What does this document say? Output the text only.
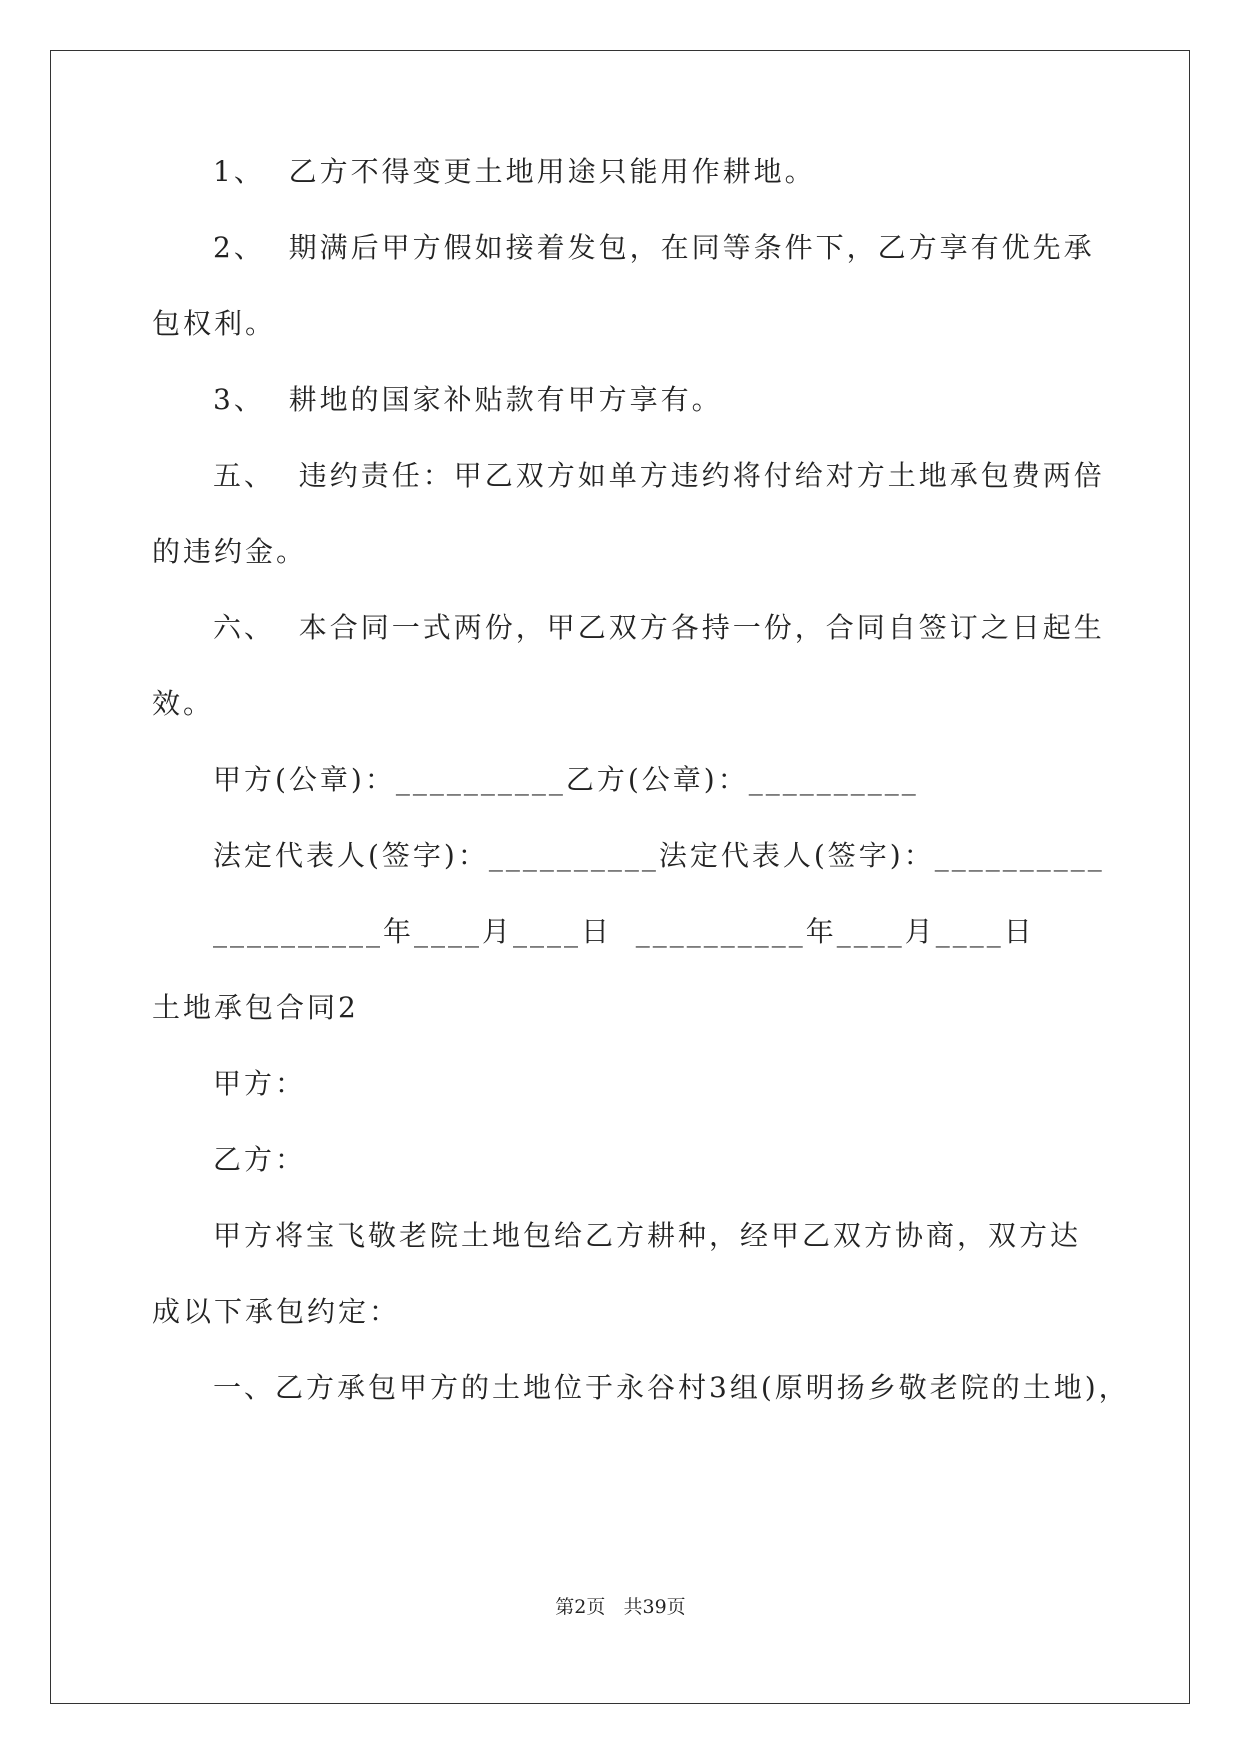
1、  乙方不得变更土地用途只能用作耕地。
2、  期满后甲方假如接着发包，在同等条件下，乙方享有优先承
包权利。
3、  耕地的国家补贴款有甲方享有。
五、  违约责任：甲乙双方如单方违约将付给对方土地承包费两倍
的违约金。
六、  本合同一式两份，甲乙双方各持一份，合同自签订之日起生
效。
甲方(公章)：__________乙方(公章)：__________
法定代表人(签字)：__________法定代表人(签字)：__________
__________年____月____日  __________年____月____日
土地承包合同2
甲方：
乙方：
甲方将宝飞敬老院土地包给乙方耕种，经甲乙双方协商，双方达
成以下承包约定：
一、乙方承包甲方的土地位于永谷村3组(原明扬乡敬老院的土地)，
第2页   共39页
